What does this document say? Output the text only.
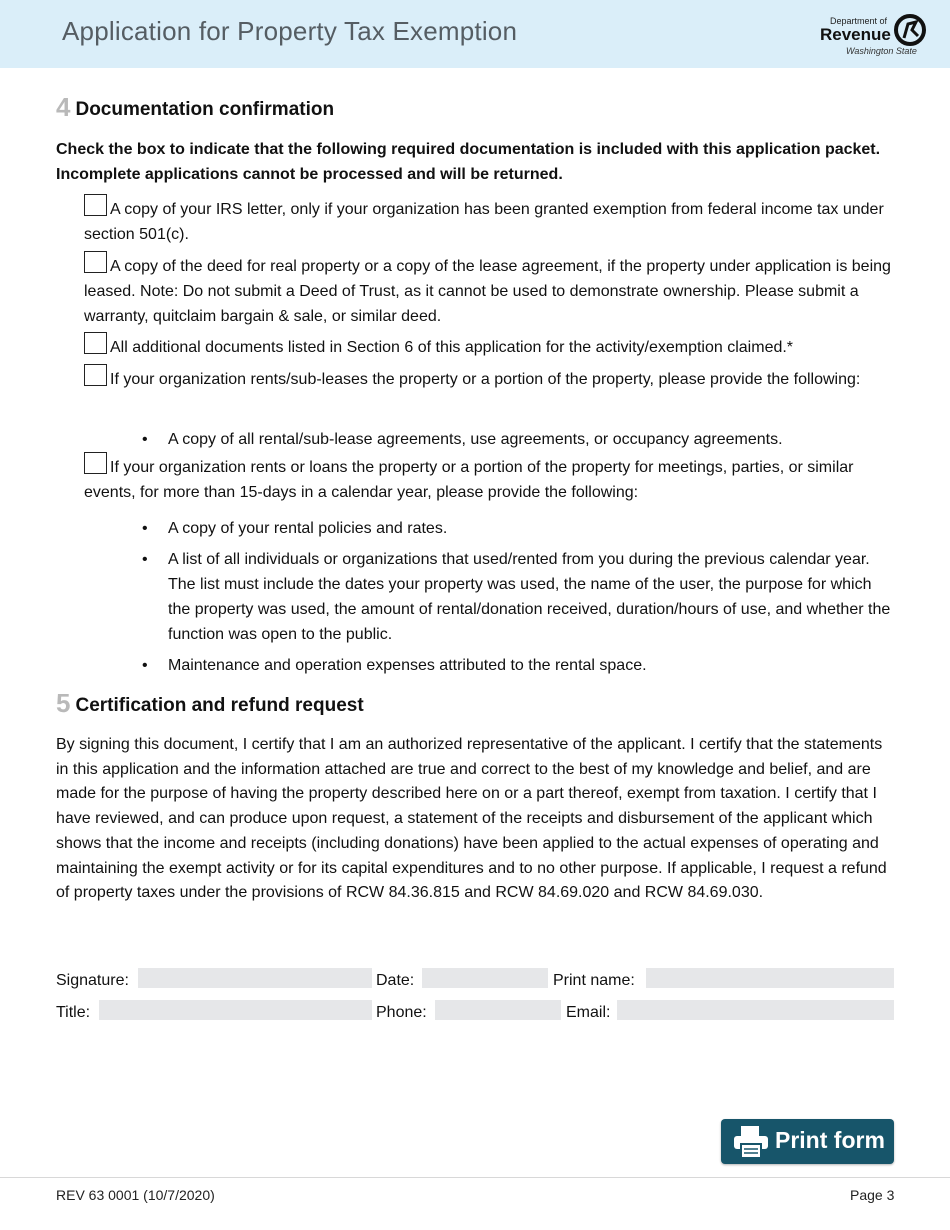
Application for Property Tax Exemption	Department of
Revenue
Washington State
4 Documentation confirmation
Check the box to indicate that the following required documentation is included with this application packet. Incomplete applications cannot be processed and will be returned.
A copy of your IRS letter, only if your organization has been granted exemption from federal income tax under section 501(c).
A copy of the deed for real property or a copy of the lease agreement, if the property under application is being leased. Note: Do not submit a Deed of Trust, as it cannot be used to demonstrate ownership. Please submit a warranty, quitclaim bargain & sale, or similar deed.
All additional documents listed in Section 6 of this application for the activity/exemption claimed.*
If your organization rents/sub-leases the property or a portion of the property, please provide the following:
• A copy of all rental/sub-lease agreements, use agreements, or occupancy agreements.
If your organization rents or loans the property or a portion of the property for meetings, parties, or similar events, for more than 15-days in a calendar year, please provide the following:
• A copy of your rental policies and rates.
• A list of all individuals or organizations that used/rented from you during the previous calendar year. The list must include the dates your property was used, the name of the user, the purpose for which the property was used, the amount of rental/donation received, duration/hours of use, and whether the function was open to the public.
• Maintenance and operation expenses attributed to the rental space.
5 Certification and refund request
By signing this document, I certify that I am an authorized representative of the applicant. I certify that the statements in this application and the information attached are true and correct to the best of my knowledge and belief, and are made for the purpose of having the property described here on or a part thereof, exempt from taxation. I certify that I have reviewed, and can produce upon request, a statement of the receipts and disbursement of the applicant which shows that the income and receipts (including donations) have been applied to the actual expenses of operating and maintaining the exempt activity or for its capital expenditures and to no other purpose. If applicable, I request a refund of property taxes under the provisions of RCW 84.36.815 and RCW 84.69.020 and RCW 84.69.030.
Signature:	Date:	Print name:
Title:	Phone:	Email:
Print form
REV 63 0001 (10/7/2020)	Page 3
